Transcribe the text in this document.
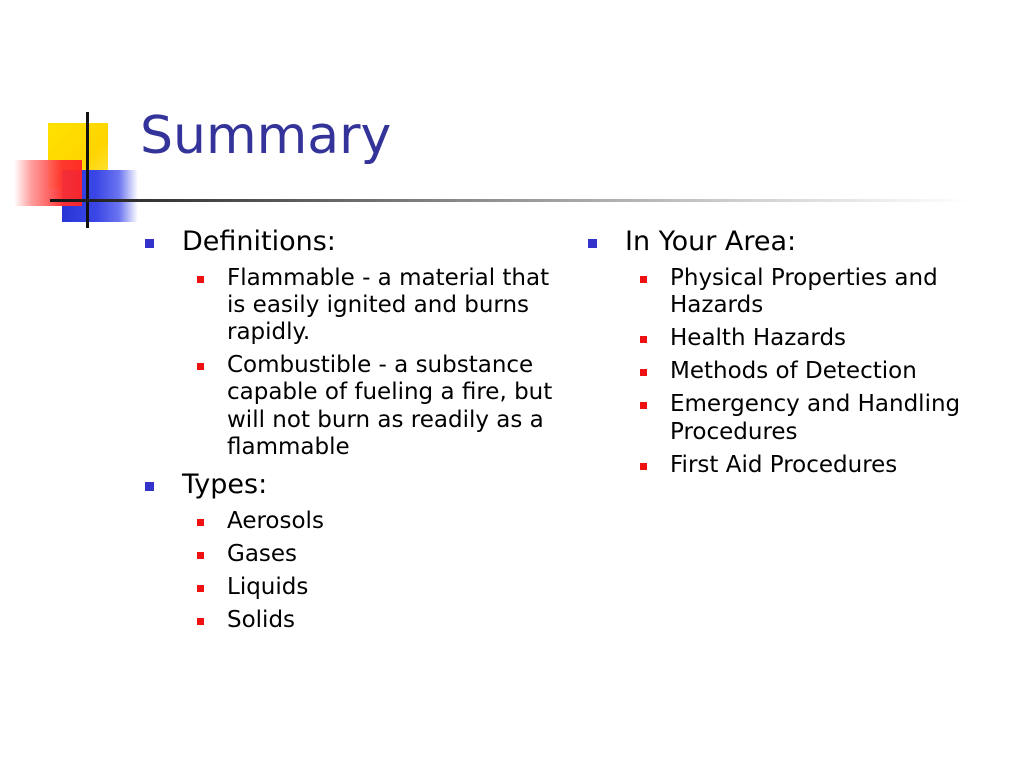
Summary
Definitions:
Flammable - a material that is easily ignited and burns rapidly.
Combustible - a substance capable of fueling a fire, but will not burn as readily as a flammable
Types:
Aerosols
Gases
Liquids
Solids
In Your Area:
Physical Properties and Hazards
Health Hazards
Methods of Detection
Emergency and Handling Procedures
First Aid Procedures
